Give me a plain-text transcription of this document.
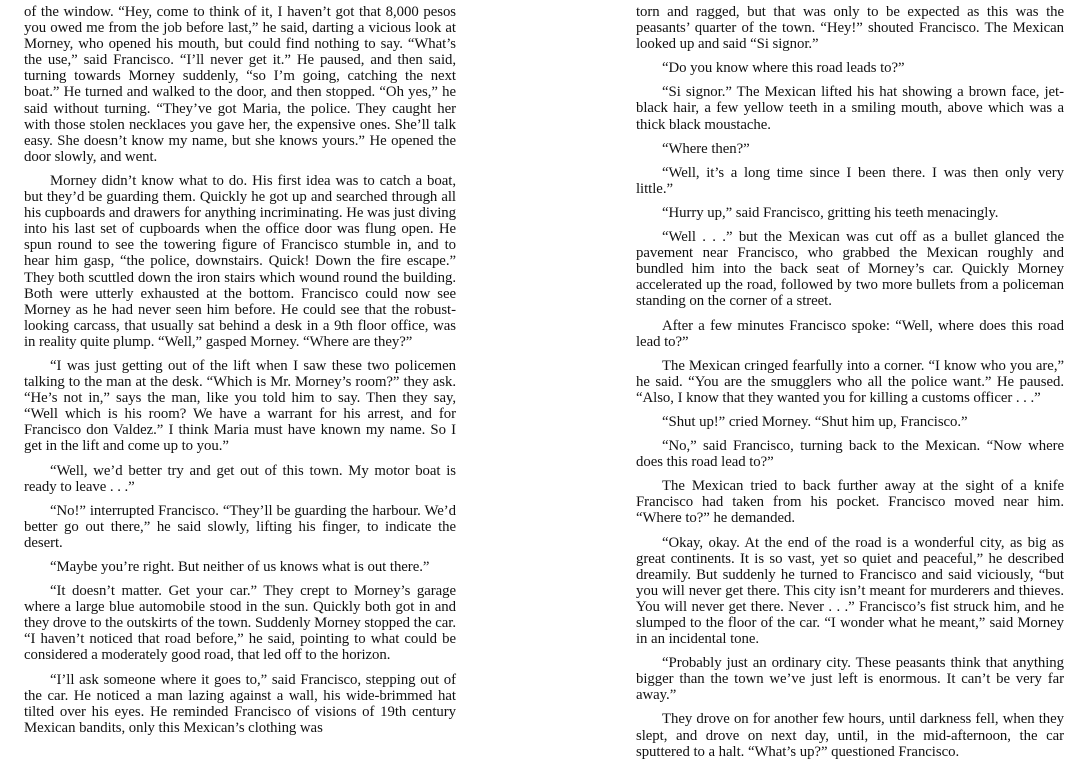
of the window. “Hey, come to think of it, I haven’t got that 8,000 pesos you owed me from the job before last,” he said, darting a vicious look at Morney, who opened his mouth, but could find nothing to say. “What’s the use,” said Francisco. “I’ll never get it.” He paused, and then said, turning towards Morney suddenly, “so I’m going, catching the next boat.” He turned and walked to the door, and then stopped. “Oh yes,” he said without turning. “They’ve got Maria, the police. They caught her with those stolen necklaces you gave her, the expensive ones. She’ll talk easy. She doesn’t know my name, but she knows yours.” He opened the door slowly, and went.

Morney didn’t know what to do. His first idea was to catch a boat, but they’d be guarding them. Quickly he got up and searched through all his cupboards and drawers for anything incriminating. He was just diving into his last set of cupboards when the office door was flung open. He spun round to see the towering figure of Francisco stumble in, and to hear him gasp, “the police, downstairs. Quick! Down the fire escape.” They both scuttled down the iron stairs which wound round the building. Both were utterly exhausted at the bottom. Francisco could now see Morney as he had never seen him before. He could see that the robust-looking carcass, that usually sat behind a desk in a 9th floor office, was in reality quite plump. “Well,” gasped Morney. “Where are they?”

“I was just getting out of the lift when I saw these two policemen talking to the man at the desk. “Which is Mr. Morney’s room?” they ask. “He’s not in,” says the man, like you told him to say. Then they say, “Well which is his room? We have a warrant for his arrest, and for Francisco don Valdez.” I think Maria must have known my name. So I get in the lift and come up to you.”

“Well, we’d better try and get out of this town. My motor boat is ready to leave . . .”

“No!” interrupted Francisco. “They’ll be guarding the harbour. We’d better go out there,” he said slowly, lifting his finger, to indicate the desert.

“Maybe you’re right. But neither of us knows what is out there.”

“It doesn’t matter. Get your car.” They crept to Morney’s garage where a large blue automobile stood in the sun. Quickly both got in and they drove to the outskirts of the town. Suddenly Morney stopped the car. “I haven’t noticed that road before,” he said, pointing to what could be considered a moderately good road, that led off to the horizon.

“I’ll ask someone where it goes to,” said Francisco, stepping out of the car. He noticed a man lazing against a wall, his wide-brimmed hat tilted over his eyes. He reminded Francisco of visions of 19th century Mexican bandits, only this Mexican’s clothing was

torn and ragged, but that was only to be expected as this was the peasants’ quarter of the town. “Hey!” shouted Francisco. The Mexican looked up and said “Si signor.”

“Do you know where this road leads to?”

“Si signor.” The Mexican lifted his hat showing a brown face, jet-black hair, a few yellow teeth in a smiling mouth, above which was a thick black moustache.

“Where then?”

“Well, it’s a long time since I been there. I was then only very little.”

“Hurry up,” said Francisco, gritting his teeth menacingly.

“Well . . .” but the Mexican was cut off as a bullet glanced the pavement near Francisco, who grabbed the Mexican roughly and bundled him into the back seat of Morney’s car. Quickly Morney accelerated up the road, followed by two more bullets from a policeman standing on the corner of a street.

After a few minutes Francisco spoke: “Well, where does this road lead to?”

The Mexican cringed fearfully into a corner. “I know who you are,” he said. “You are the smugglers who all the police want.” He paused. “Also, I know that they wanted you for killing a customs officer . . .”

“Shut up!” cried Morney. “Shut him up, Francisco.”

“No,” said Francisco, turning back to the Mexican. “Now where does this road lead to?”

The Mexican tried to back further away at the sight of a knife Francisco had taken from his pocket. Francisco moved near him. “Where to?” he demanded.

“Okay, okay. At the end of the road is a wonderful city, as big as great continents. It is so vast, yet so quiet and peaceful,” he described dreamily. But suddenly he turned to Francisco and said viciously, “but you will never get there. This city isn’t meant for murderers and thieves. You will never get there. Never . . .” Francisco’s fist struck him, and he slumped to the floor of the car. “I wonder what he meant,” said Morney in an incidental tone.

“Probably just an ordinary city. These peasants think that anything bigger than the town we’ve just left is enormous. It can’t be very far away.”

They drove on for another few hours, until darkness fell, when they slept, and drove on next day, until, in the mid-afternoon, the car sputtered to a halt. “What’s up?” questioned Francisco.
